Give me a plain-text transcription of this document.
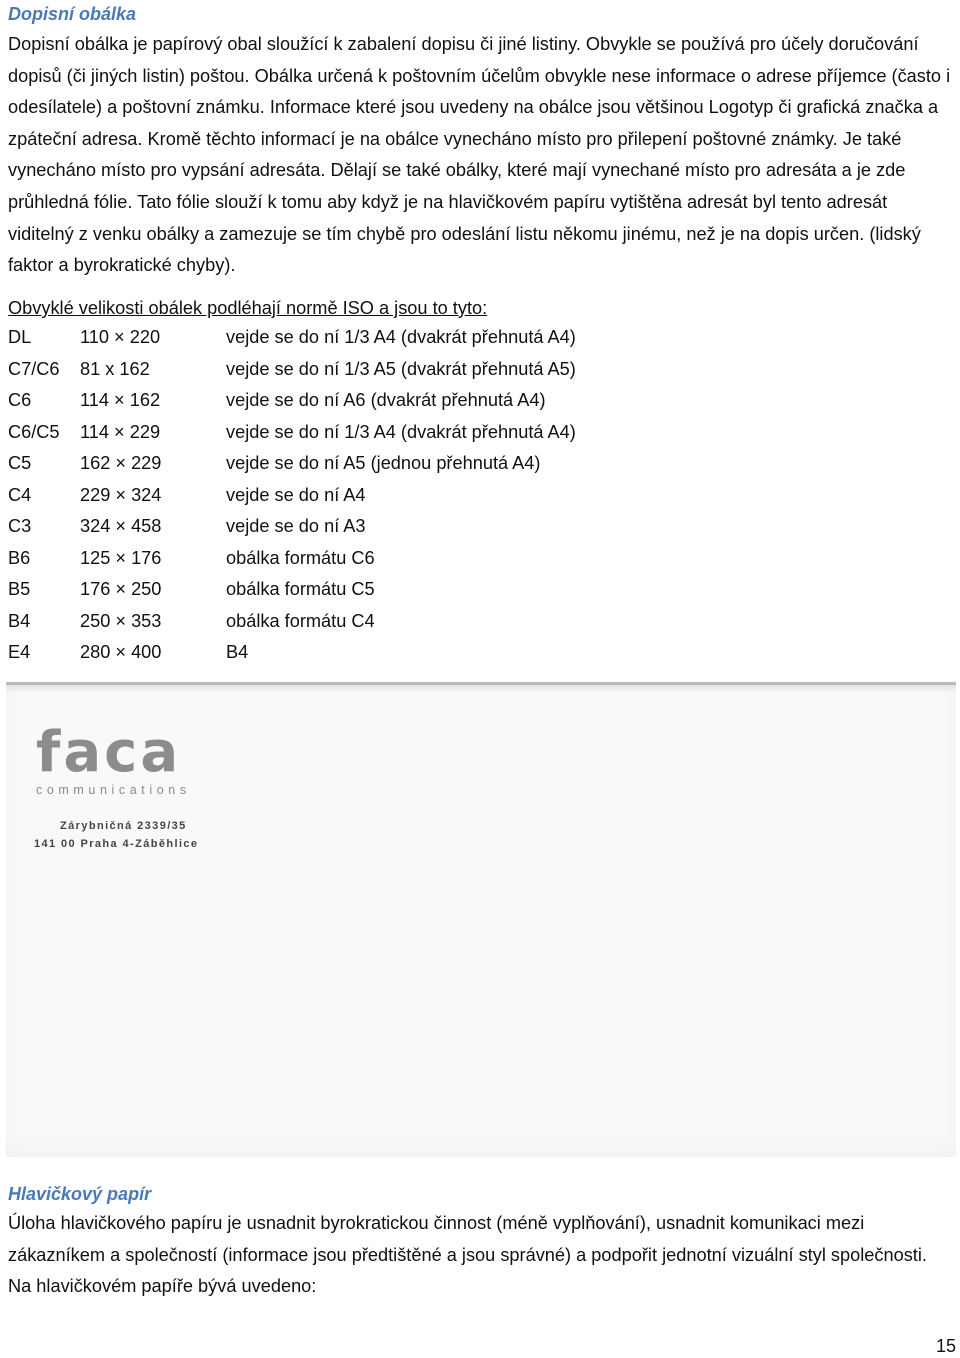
Dopisní obálka

Dopisní obálka je papírový obal sloužící k zabalení dopisu či jiné listiny. Obvykle se používá pro účely doručování dopisů (či jiných listin) poštou. Obálka určená k poštovním účelům obvykle nese informace o adrese příjemce (často i odesílatele) a poštovní známku. Informace které jsou uvedeny na obálce jsou většinou Logotyp či grafická značka a zpáteční adresa. Kromě těchto informací je na obálce vynecháno místo pro přilepení poštovné známky. Je také vynecháno místo pro vypsání adresáta. Dělají se také obálky, které mají vynechané místo pro adresáta a je zde průhledná fólie. Tato fólie slouží k tomu aby když je na hlavičkovém papíru vytištěna adresát byl tento adresát viditelný z venku obálky a zamezuje se tím chybě pro odeslání listu někomu jinému, než je na dopis určen. (lidský faktor a byrokratické chyby).

Obvyklé velikosti obálek podléhají normě ISO a jsou to tyto:

DL	110 × 220	vejde se do ní 1/3 A4 (dvakrát přehnutá A4)
C7/C6	81 x 162	vejde se do ní 1/3 A5 (dvakrát přehnutá A5)
C6	114 × 162	vejde se do ní A6 (dvakrát přehnutá A4)
C6/C5	114 × 229	vejde se do ní 1/3 A4 (dvakrát přehnutá A4)
C5	162 × 229	vejde se do ní A5 (jednou přehnutá A4)
C4	229 × 324	vejde se do ní A4
C3	324 × 458	vejde se do ní A3
B6	125 × 176	obálka formátu C6
B5	176 × 250	obálka formátu C5
B4	250 × 353	obálka formátu C4
E4	280 × 400	B4
faca
communications
Zárybničná 2339/35
141 00 Praha 4-Záběhlice
Hlavičkový papír

Úloha hlavičkového papíru je usnadnit byrokratickou činnost (méně vyplňování), usnadnit komunikaci mezi zákazníkem a společností (informace jsou předtištěné a jsou správné) a podpořit jednotní vizuální styl společnosti. Na hlavičkovém papíře bývá uvedeno:

15
